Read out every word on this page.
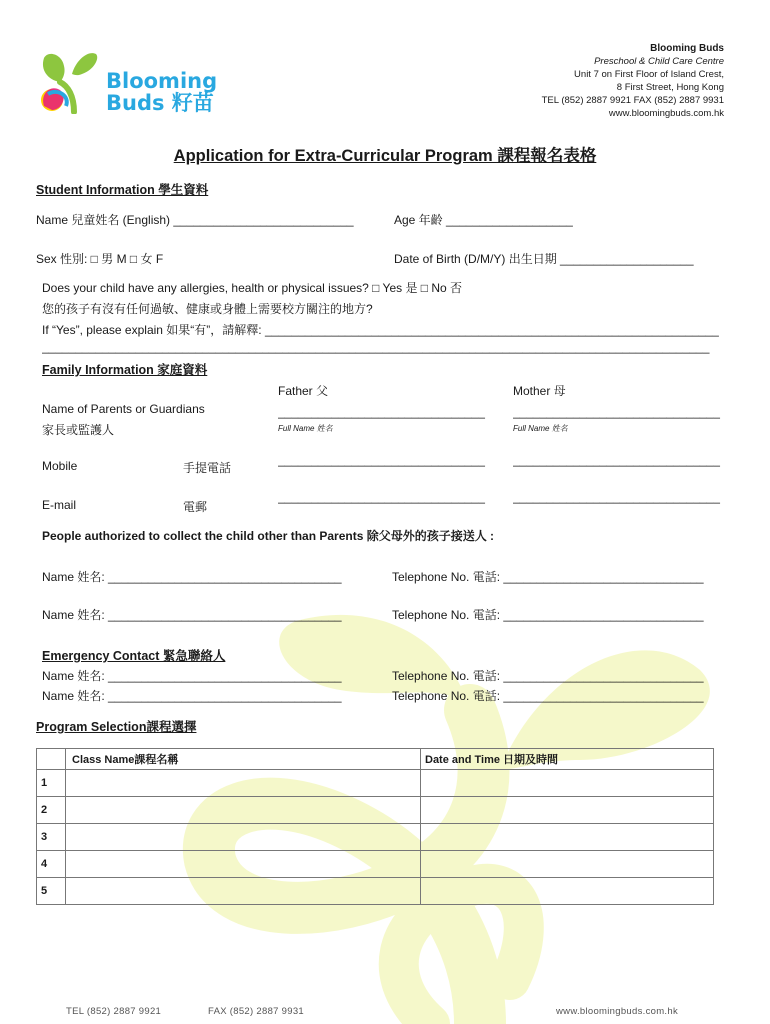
Blooming
Buds 籽苗
Blooming Buds
Preschool & Child Care Centre
Unit 7 on First Floor of Island Crest,
8 First Street, Hong Kong
TEL (852) 2887 9921 FAX (852) 2887 9931
www.bloomingbuds.com.hk
Application for Extra-Curricular Program 課程報名表格
Student Information 學生資料
Name 兒童姓名 (English) ___________________________	Age 年齡 ___________________
Sex 性別: □ 男 M □ 女 F	Date of Birth (D/M/Y) 出生日期 ____________________
Does your child have any allergies, health or physical issues? □ Yes 是 □ No 否
您的孩子有沒有任何過敏、健康或身體上需要校方關注的地方?
If “Yes”, please explain 如果“有”，請解釋: ____________________________________________________________________
____________________________________________________________________________________________________
Family Information 家庭資料
Father 父	Mother 母
Name of Parents or Guardians
家長或監護人
_______________________________	_______________________________
Full Name 姓名	Full Name 姓名
Mobile	手提電話
_______________________________	_______________________________
E-mail	電郵
_______________________________	_______________________________
People authorized to collect the child other than Parents 除父母外的孩子接送人 :
Name 姓名: ___________________________________	Telephone No. 電話: ______________________________
Name 姓名: ___________________________________	Telephone No. 電話: ______________________________
Emergency Contact 緊急聯絡人
Name 姓名: ___________________________________	Telephone No. 電話: ______________________________
Name 姓名: ___________________________________	Telephone No. 電話: ______________________________
Program Selection課程選擇
	Class Name課程名稱	Date and Time 日期及時間
1		
2		
3		
4		
5		
TEL (852) 2887 9921	FAX (852) 2887 9931	www.bloomingbuds.com.hk
